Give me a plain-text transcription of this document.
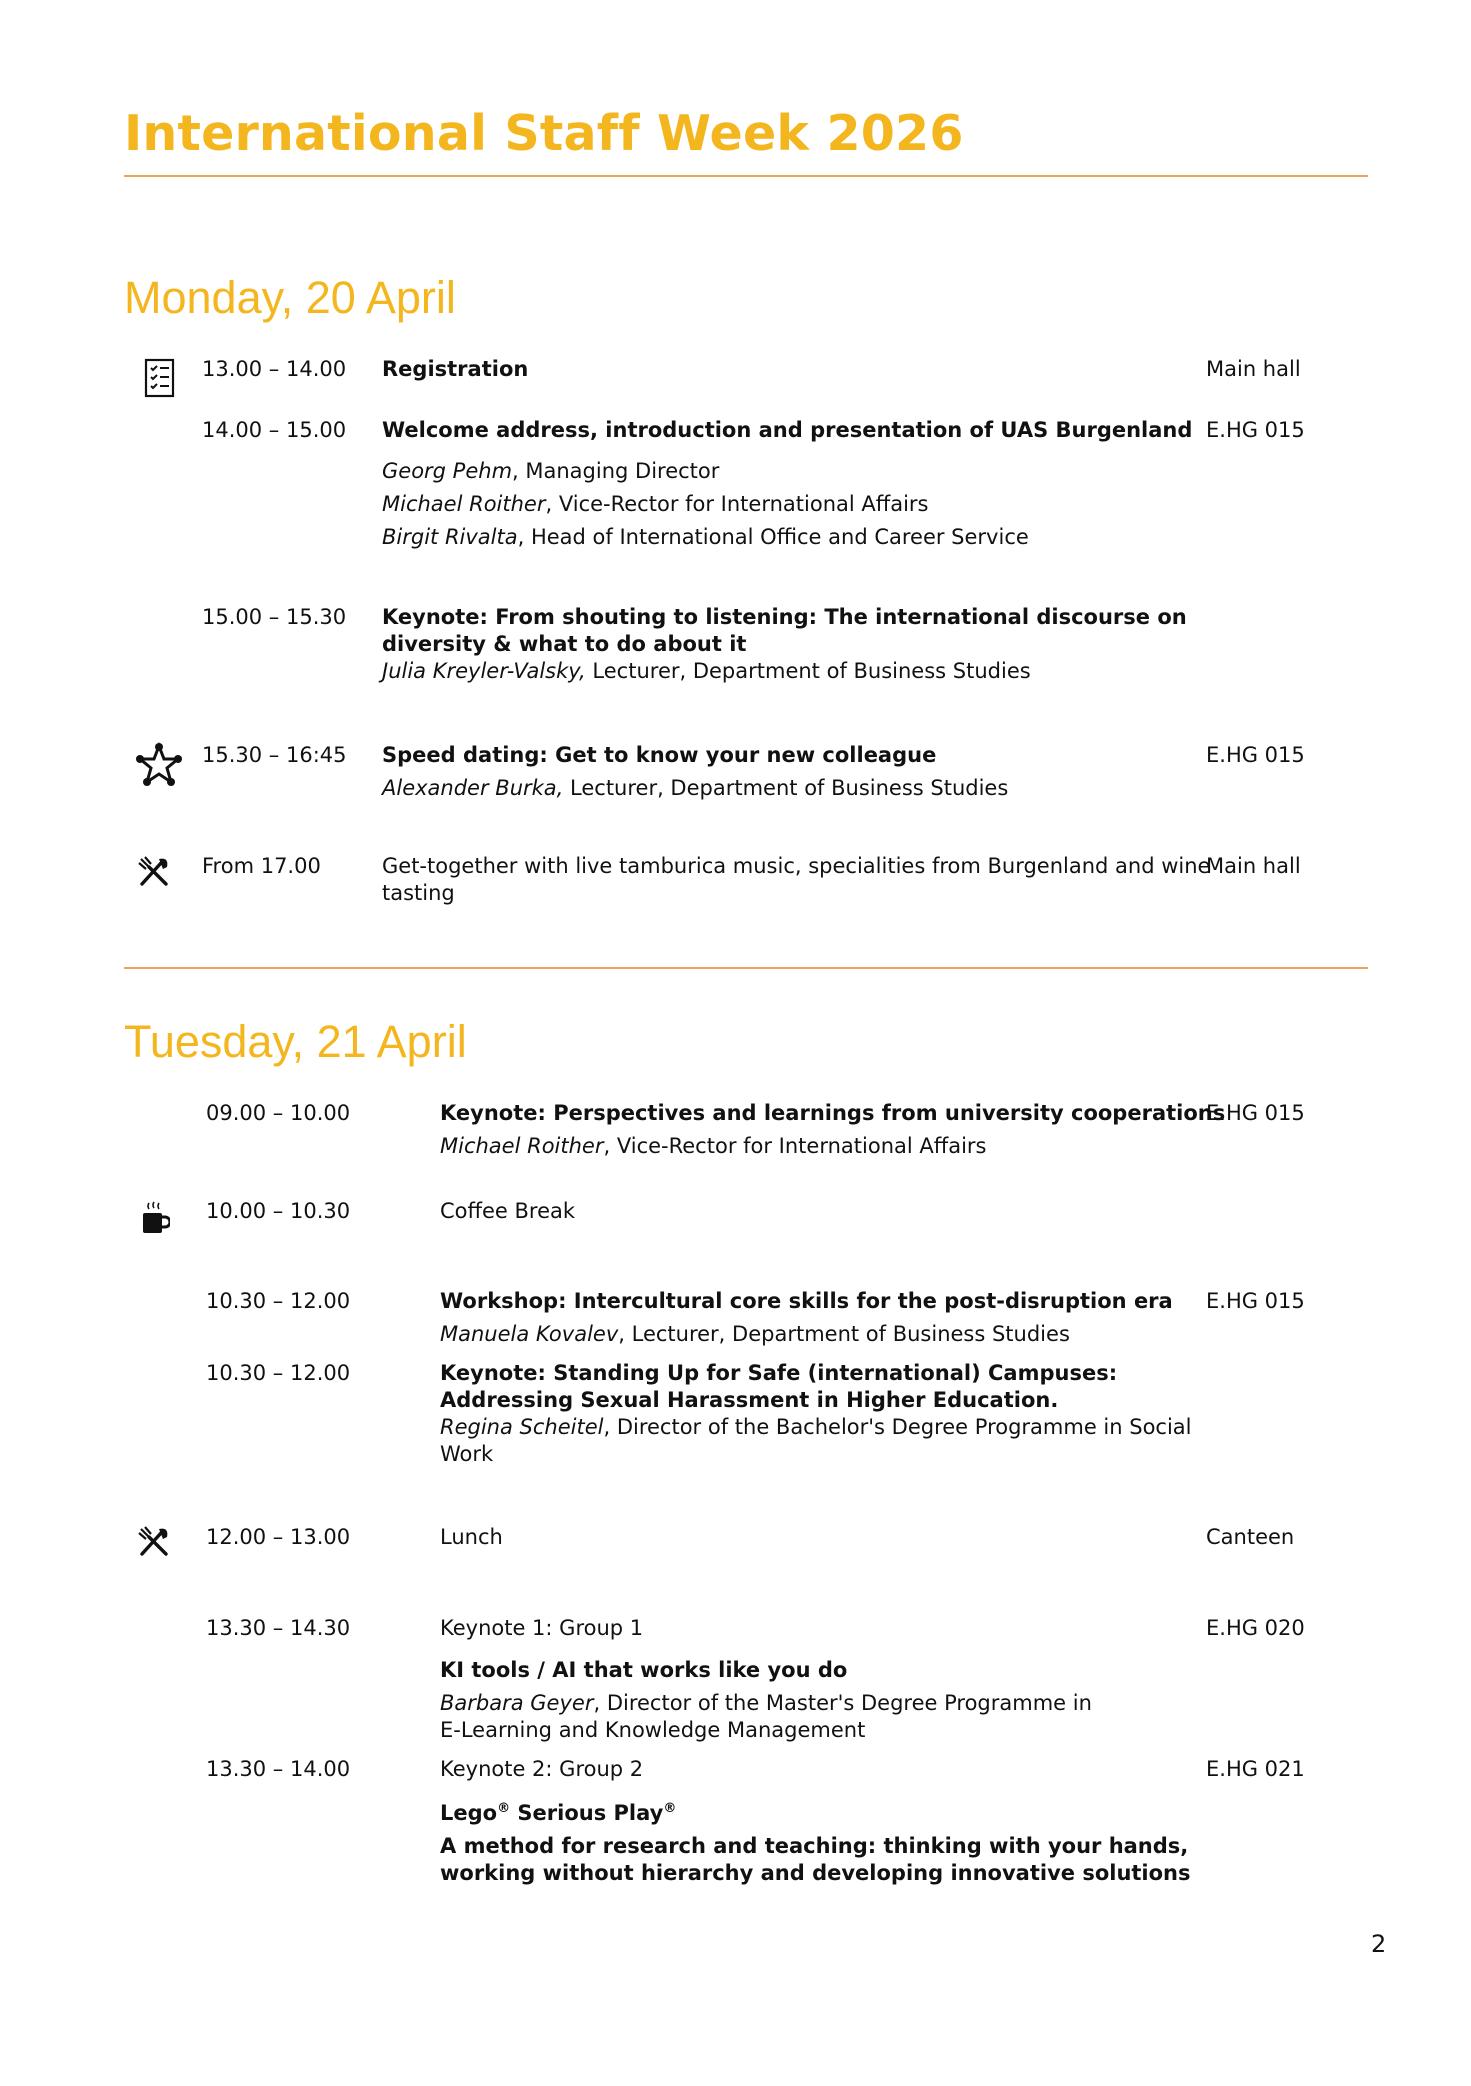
International Staff Week 2026
Monday, 20 April
13.00 – 14.00 Registration	Main hall
14.00 – 15.00 Welcome address, introduction and presentation of UAS Burgenland E.HG 015
Georg Pehm, Managing Director
Michael Roither, Vice-Rector for International Affairs
Birgit Rivalta, Head of International Office and Career Service
15.00 – 15.30 Keynote: From shouting to listening: The international discourse on
diversity & what to do about it
Julia Kreyler-Valsky, Lecturer, Department of Business Studies
15.30 – 16:45 Speed dating: Get to know your new colleague	E.HG 015
Alexander Burka, Lecturer, Department of Business Studies
From 17.00	Get-together with live tamburica music, specialities from Burgenland and wine
tasting
Main hall
Tuesday, 21 April
09.00 – 10.00	Keynote: Perspectives and learnings from university cooperations
E.HG 015
Michael Roither, Vice-Rector for International Affairs
10.00 – 10.30	Coffee Break
10.30 – 12.00	Workshop: Intercultural core skills for the post-disruption era E.HG 015
Manuela Kovalev, Lecturer, Department of Business Studies
10.30 – 12.00	Keynote: Standing Up for Safe (international) Campuses:
Addressing Sexual Harassment in Higher Education.
Regina Scheitel, Director of the Bachelor's Degree Programme in Social
Work
12.00 – 13.00	Lunch	Canteen
13.30 – 14.30	Keynote 1: Group 1	E.HG 020
KI tools / AI that works like you do
Barbara Geyer, Director of the Master's Degree Programme in
E-Learning and Knowledge Management
13.30 – 14.00	Keynote 2: Group 2	E.HG 021
Lego® Serious Play®
A method for research and teaching: thinking with your hands,
working without hierarchy and developing innovative solutions
2
